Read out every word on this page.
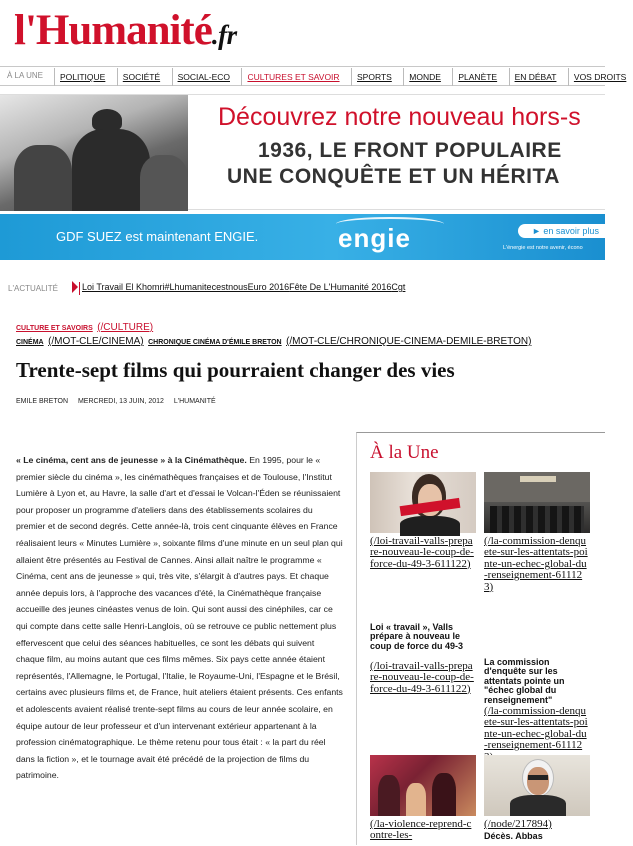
l'Humanité.fr
À LA UNE	POLITIQUE SOCIÉTÉ SOCIAL-ECO CULTURES ET SAVOIR SPORTS MONDE PLANÈTE EN DÉBAT VOS DROITS
Découvrez notre nouveau hors-s
1936, LE FRONT POPULAIRE
UNE CONQUÊTE ET UN HÉRITA
GDF SUEZ est maintenant ENGIE.	engie	► en savoir plus
L'énergie est notre avenir, écono
L'ACTUALITÉ	Loi Travail El Khomri#LhumanitecestnousEuro 2016Fête De L'Humanité 2016Cgt
CULTURE ET SAVOIRS (/CULTURE)
CINÉMA (/MOT-CLE/CINEMA) CHRONIQUE CINÉMA D'ÉMILE BRETON (/MOT-CLE/CHRONIQUE-CINEMA-DEMILE-BRETON)
Trente-sept films qui pourraient changer des vies
EMILE BRETON MERCREDI, 13 JUIN, 2012 L'HUMANITÉ

« Le cinéma, cent ans de jeunesse » à la Cinémathèque. En 1995, pour le « premier siècle du cinéma », les cinémathèques françaises et de Toulouse, l'Institut Lumière à Lyon et, au Havre, la salle d'art et d'essai le Volcan-l'Éden se réunissaient pour proposer un programme d'ateliers dans des établissements scolaires du premier et de second degrés. Cette année-là, trois cent cinquante élèves en France réalisaient leurs « Minutes Lumière », soixante films d'une minute en un seul plan qui allaient être présentés au Festival de Cannes. Ainsi allait naître le programme « Cinéma, cent ans de jeunesse » qui, très vite, s'élargit à d'autres pays. Et chaque année depuis lors, à l'approche des vacances d'été, la Cinémathèque française accueille des jeunes cinéastes venus de loin. Qui sont aussi des cinéphiles, car ce qui compte dans cette salle Henri-Langlois, où se retrouve ce public nettement plus effervescent que celui des séances habituelles, ce sont les débats qui suivent chaque film, au moins autant que ces films mêmes. Six pays cette année étaient représentés, l'Allemagne, le Portugal, l'Italie, le Royaume-Uni, l'Espagne et le Brésil, certains avec plusieurs films et, de France, huit ateliers étaient présents. Ces enfants et adolescents avaient réalisé trente-sept films au cours de leur année scolaire, en équipe autour de leur professeur et d'un intervenant extérieur appartenant à la profession cinématographique. Le thème retenu pour tous était : « la part du réel dans la fiction », et le tournage avait été précédé de la projection de films du patrimoine.

À la Une
(/loi-travail-valls-prepare-nouveau-le-coup-de-force-du-49-3-611122)
Loi « travail », Valls prépare à nouveau le coup de force du 49-3
(/loi-travail-valls-prepare-nouveau-le-coup-de-force-du-49-3-611122)
(/la-commission-denquete-sur-les-attentats-pointe-un-echec-global-du-renseignement-611123)
La commission d'enquête sur les attentats pointe un "échec global du renseignement"
(/la-commission-denquete-sur-les-attentats-pointe-un-echec-global-du-renseignement-61112
(/la-violence-reprend-contre-les-
(/node/217894)
Décès. Abbas
